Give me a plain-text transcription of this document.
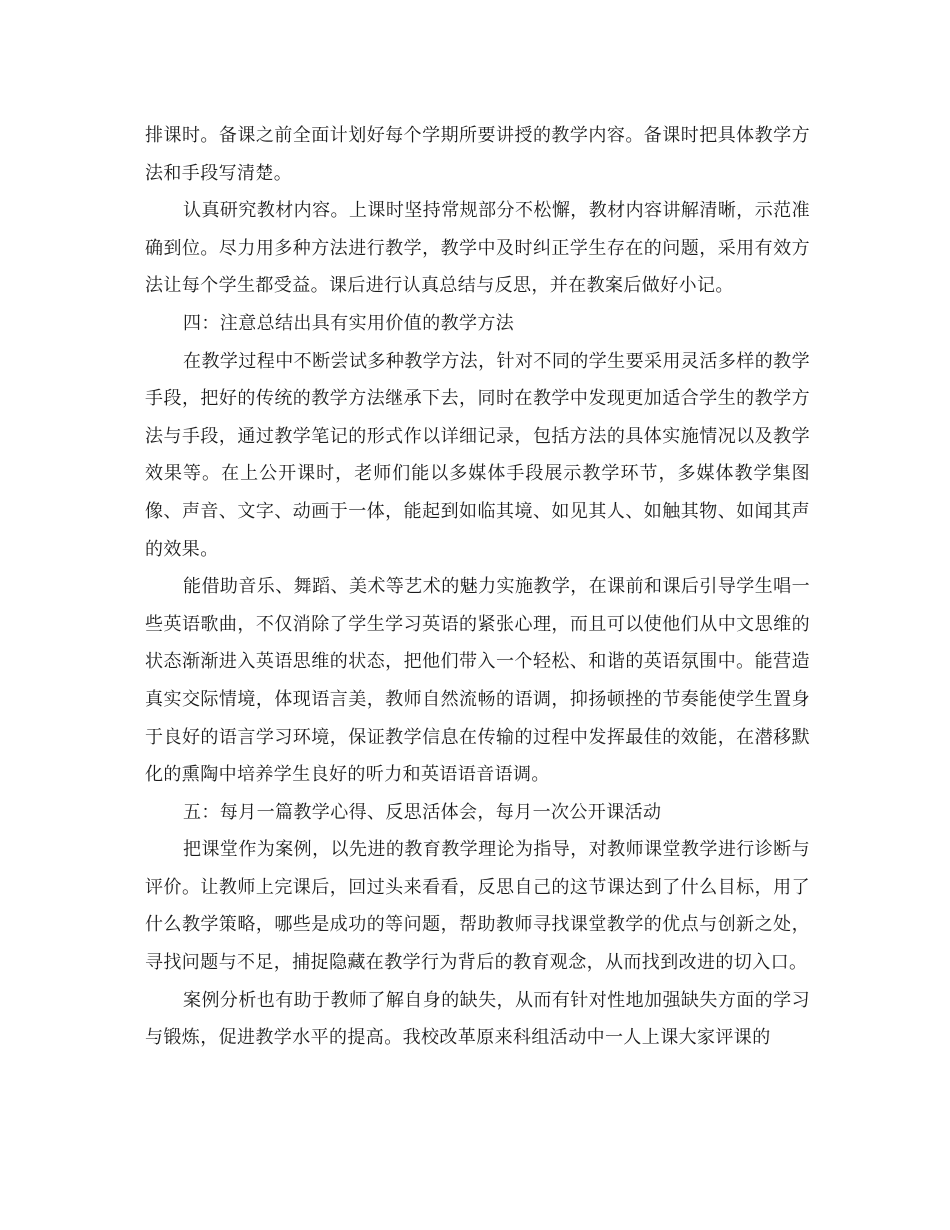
排课时。备课之前全面计划好每个学期所要讲授的教学内容。备课时把具体教学方法和手段写清楚。

认真研究教材内容。上课时坚持常规部分不松懈，教材内容讲解清晰，示范准确到位。尽力用多种方法进行教学，教学中及时纠正学生存在的问题，采用有效方法让每个学生都受益。课后进行认真总结与反思，并在教案后做好小记。

四：注意总结出具有实用价值的教学方法

在教学过程中不断尝试多种教学方法，针对不同的学生要采用灵活多样的教学手段，把好的传统的教学方法继承下去，同时在教学中发现更加适合学生的教学方法与手段，通过教学笔记的形式作以详细记录，包括方法的具体实施情况以及教学效果等。在上公开课时，老师们能以多媒体手段展示教学环节，多媒体教学集图像、声音、文字、动画于一体，能起到如临其境、如见其人、如触其物、如闻其声的效果。

能借助音乐、舞蹈、美术等艺术的魅力实施教学，在课前和课后引导学生唱一些英语歌曲，不仅消除了学生学习英语的紧张心理，而且可以使他们从中文思维的状态渐渐进入英语思维的状态，把他们带入一个轻松、和谐的英语氛围中。能营造真实交际情境，体现语言美，教师自然流畅的语调，抑扬顿挫的节奏能使学生置身于良好的语言学习环境，保证教学信息在传输的过程中发挥最佳的效能，在潜移默化的熏陶中培养学生良好的听力和英语语音语调。

五：每月一篇教学心得、反思活体会，每月一次公开课活动

把课堂作为案例，以先进的教育教学理论为指导，对教师课堂教学进行诊断与评价。让教师上完课后，回过头来看看，反思自己的这节课达到了什么目标，用了什么教学策略，哪些是成功的等问题，帮助教师寻找课堂教学的优点与创新之处，寻找问题与不足，捕捉隐藏在教学行为背后的教育观念，从而找到改进的切入口。

案例分析也有助于教师了解自身的缺失，从而有针对性地加强缺失方面的学习与锻炼，促进教学水平的提高。我校改革原来科组活动中一人上课大家评课的
